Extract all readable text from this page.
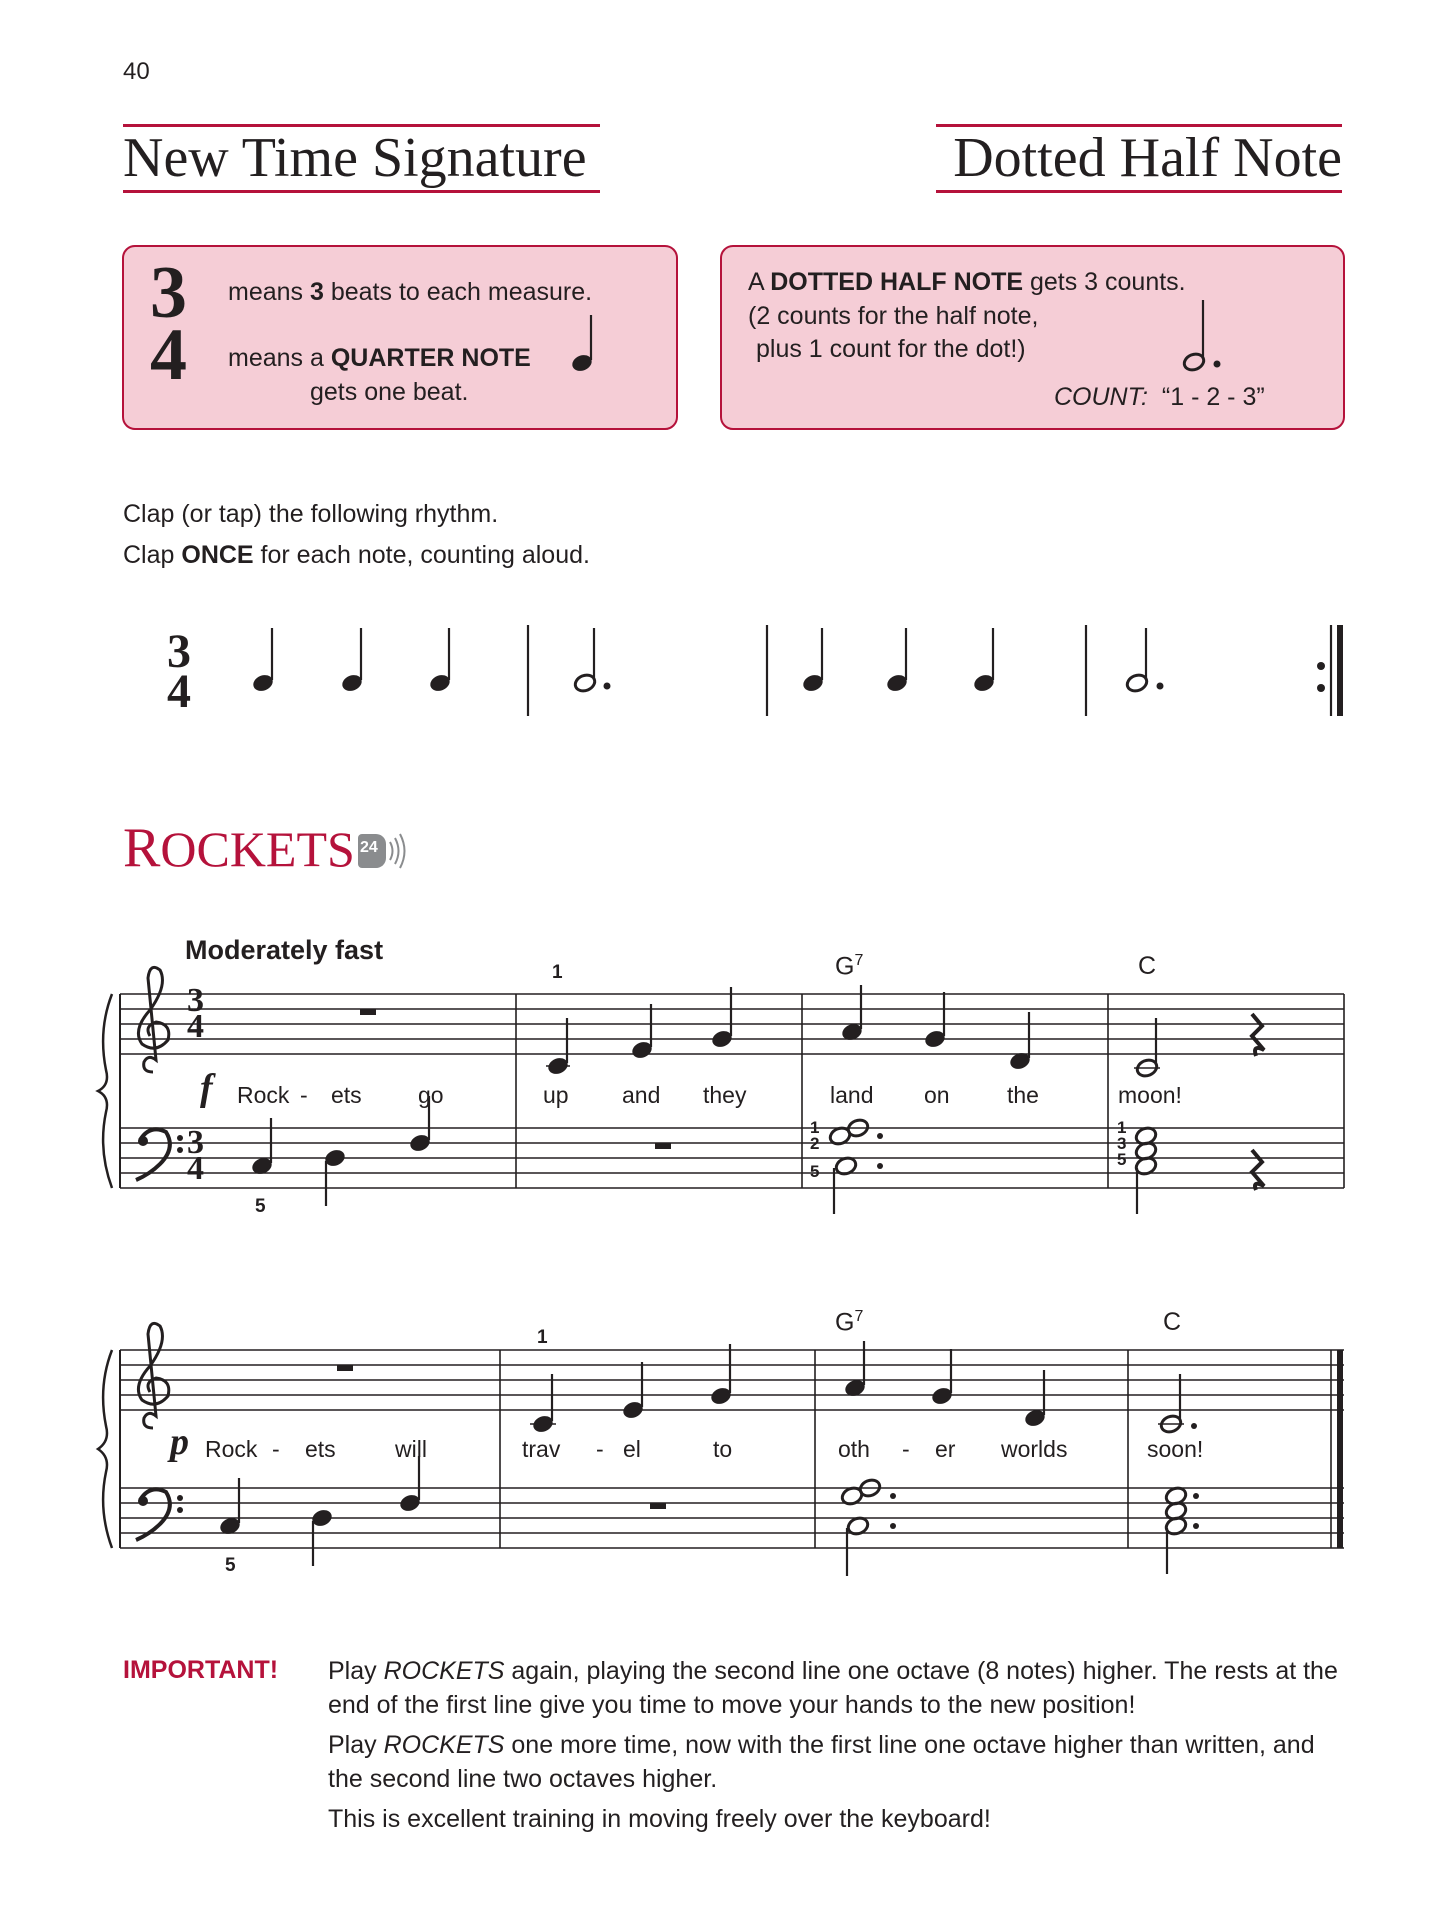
40
New Time Signature	Dotted Half Note
3
4
means 3 beats to each measure.
means a QUARTER NOTE
gets one beat.
A DOTTED HALF NOTE gets 3 counts.
(2 counts for the half note,
plus 1 count for the dot!)
COUNT: “1 - 2 - 3”
Clap (or tap) the following rhythm.
Clap ONCE for each note, counting aloud.
3
4
ROCKETS 24
Moderately fast
$G^7$	C
1
5
1
2
5
1
3
5
f Rock - ets go	up and they	land on the	moon!
3
4
3
4
$G^7$	C
1
5
p Rock - ets	will	trav - el	to	oth - er worlds	soon!
IMPORTANT! Play ROCKETS again, playing the second line one octave (8 notes) higher. The rests at the end of the first line give you time to move your hands to the new position!
Play ROCKETS one more time, now with the first line one octave higher than written, and the second line two octaves higher.
This is excellent training in moving freely over the keyboard!
